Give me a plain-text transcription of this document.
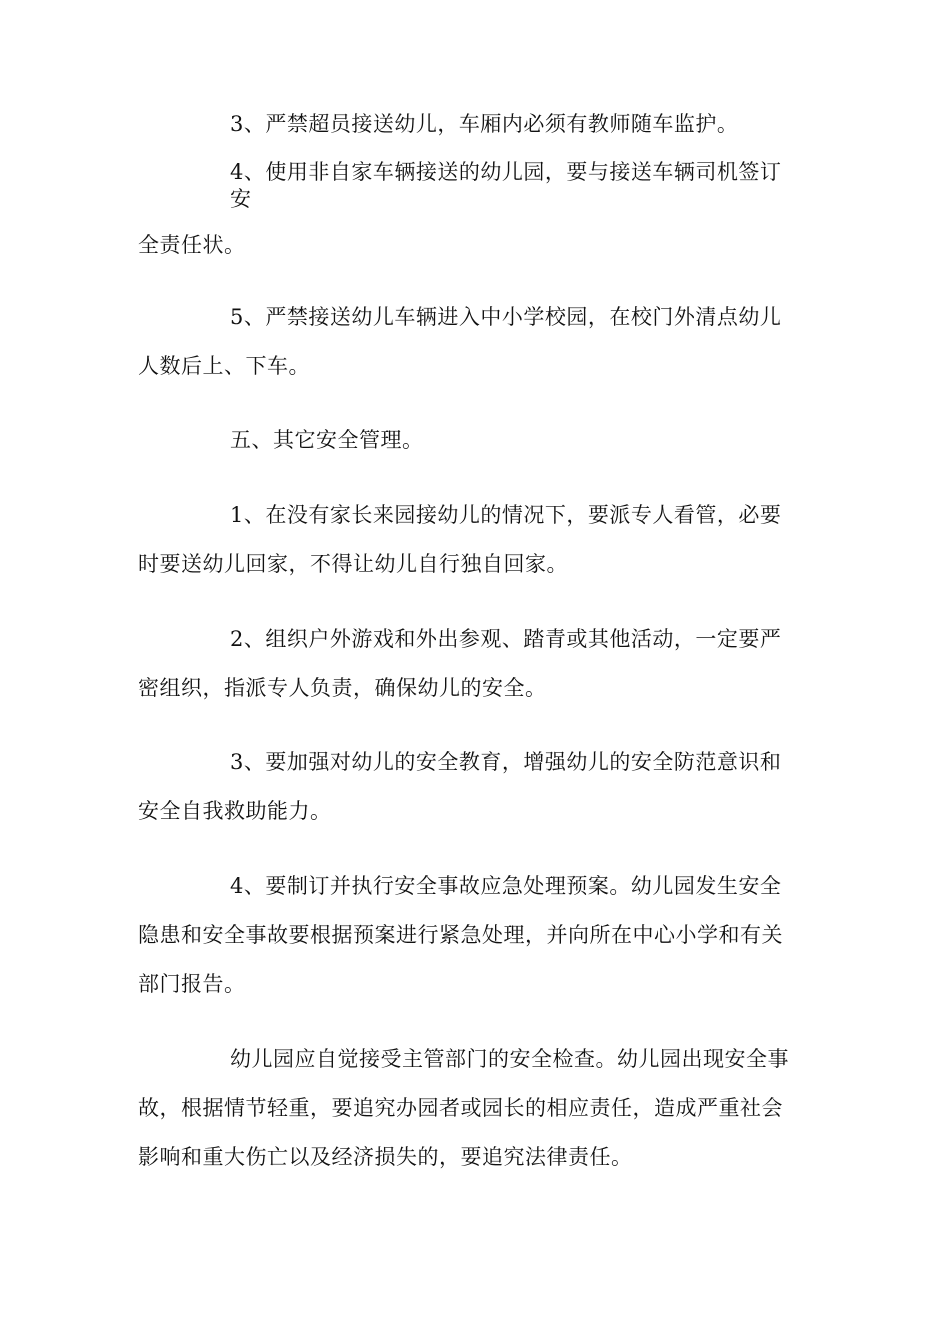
3、严禁超员接送幼儿，车厢内必须有教师随车监护。
4、使用非自家车辆接送的幼儿园，要与接送车辆司机签订
安
全责任状。
5、严禁接送幼儿车辆进入中小学校园，在校门外清点幼儿
人数后上、下车。
五、其它安全管理。
1、在没有家长来园接幼儿的情况下，要派专人看管，必要
时要送幼儿回家，不得让幼儿自行独自回家。
2、组织户外游戏和外出参观、踏青或其他活动，一定要严
密组织，指派专人负责，确保幼儿的安全。
3、要加强对幼儿的安全教育，增强幼儿的安全防范意识和
安全自我救助能力。
4、要制订并执行安全事故应急处理预案。幼儿园发生安全
隐患和安全事故要根据预案进行紧急处理，并向所在中心小学和有关
部门报告。
幼儿园应自觉接受主管部门的安全检查。幼儿园出现安全事
故，根据情节轻重，要追究办园者或园长的相应责任，造成严重社会
影响和重大伤亡以及经济损失的，要追究法律责任。
